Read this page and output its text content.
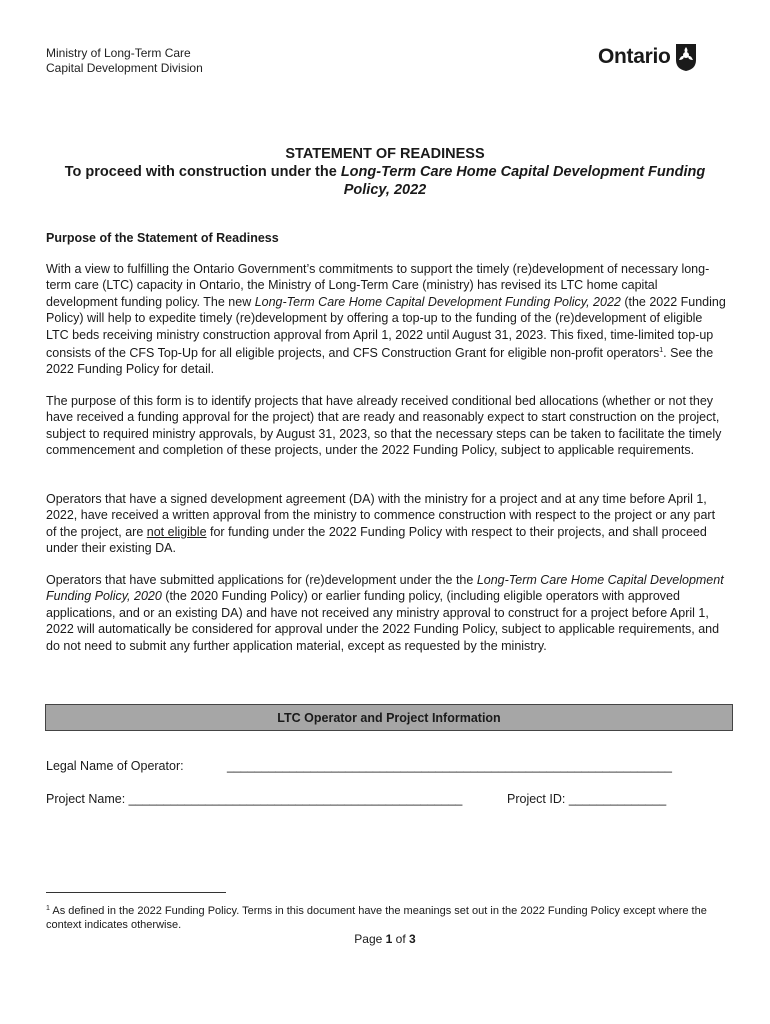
Ministry of Long-Term Care
Capital Development Division	Ontario
STATEMENT OF READINESS
To proceed with construction under the Long-Term Care Home Capital Development Funding
Policy, 2022
Purpose of the Statement of Readiness

With a view to fulfilling the Ontario Government’s commitments to support the timely (re)development of necessary long-term care (LTC) capacity in Ontario, the Ministry of Long-Term Care (ministry) has revised its LTC home capital development funding policy. The new Long-Term Care Home Capital Development Funding Policy, 2022 (the 2022 Funding Policy) will help to expedite timely (re)development by offering a top-up to the funding of the (re)development of eligible LTC beds receiving ministry construction approval from April 1, 2022 until August 31, 2023. This fixed, time-limited top-up consists of the CFS Top-Up for all eligible projects, and CFS Construction Grant for eligible non-profit operators$^1$. See the 2022 Funding Policy for detail.

The purpose of this form is to identify projects that have already received conditional bed allocations (whether or not they have received a funding approval for the project) that are ready and reasonably expect to start construction on the project, subject to required ministry approvals, by August 31, 2023, so that the necessary steps can be taken to facilitate the timely commencement and completion of these projects, under the 2022 Funding Policy, subject to applicable requirements.

Operators that have a signed development agreement (DA) with the ministry for a project and at any time before April 1, 2022, have received a written approval from the ministry to commence construction with respect to the project or any part of the project, are not eligible for funding under the 2022 Funding Policy with respect to their projects, and shall proceed under their existing DA.

Operators that have submitted applications for (re)development under the the Long-Term Care Home Capital Development Funding Policy, 2020 (the 2020 Funding Policy) or earlier funding policy, (including eligible operators with approved applications, and or an existing DA) and have not received any ministry approval to construct for a project before April 1, 2022 will automatically be considered for approval under the 2022 Funding Policy, subject to applicable requirements, and do not need to submit any further application material, except as requested by the ministry.

LTC Operator and Project Information
Legal Name of Operator:	________________________________________________________________
Project Name: ________________________________________________	Project ID: ______________
$^1$ As defined in the 2022 Funding Policy. Terms in this document have the meanings set out in the 2022 Funding Policy except where the context indicates otherwise.
Page 1 of 3
